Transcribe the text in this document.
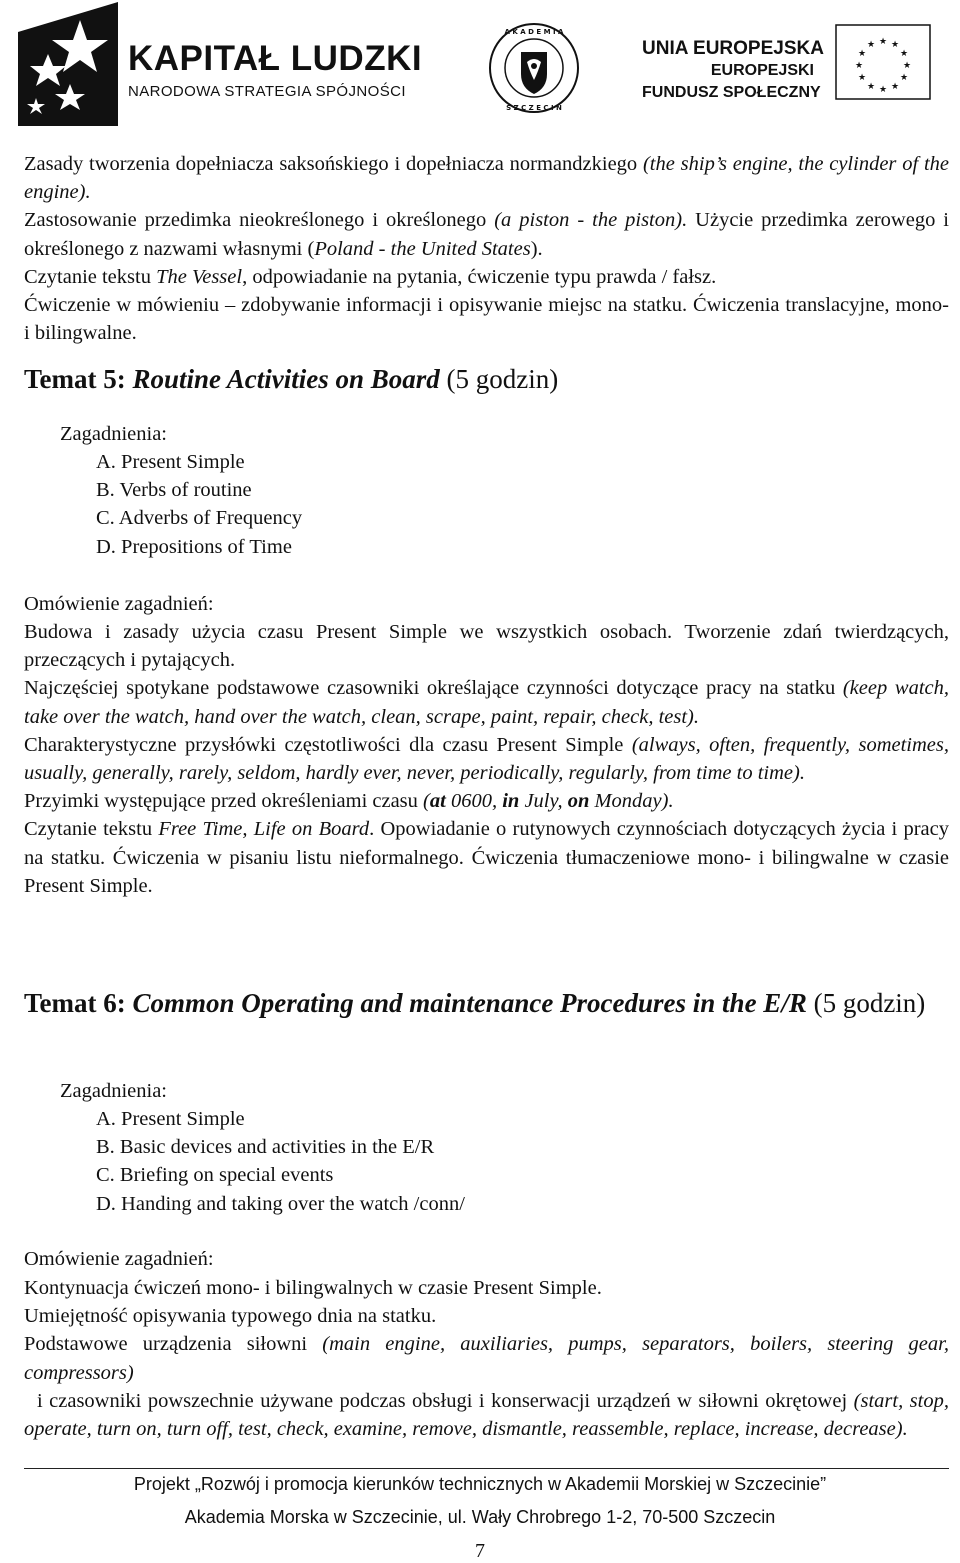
KAPITAŁ LUDZKI
NARODOWA STRATEGIA SPÓJNOŚCI
A K A D E M I A
S Z C Z E C I N
UNIA EUROPEJSKA
EUROPEJSKI
FUNDUSZ SPOŁECZNY
★ ★
★
★
★
★
★
★
★
★
★
★

Zasady tworzenia dopełniacza saksońskiego i dopełniacza normandzkiego (the ship’s engine, the cylinder of the engine).

Zastosowanie przedimka nieokreślonego i określonego (a piston - the piston). Użycie przedimka zerowego i określonego z nazwami własnymi (Poland - the United States).

Czytanie tekstu The Vessel, odpowiadanie na pytania, ćwiczenie typu prawda / fałsz.

Ćwiczenie w mówieniu – zdobywanie informacji i opisywanie miejsc na statku. Ćwiczenia translacyjne, mono- i bilingwalne.

Temat 5: Routine Activities on Board (5 godzin)

Zagadnienia:
A. Present Simple
B. Verbs of routine
C. Adverbs of Frequency
D. Prepositions of Time
Omówienie zagadnień:

Budowa i zasady użycia czasu Present Simple we wszystkich osobach. Tworzenie zdań twierdzących, przeczących i pytających.

Najczęściej spotykane podstawowe czasowniki określające czynności dotyczące pracy na statku (keep watch, take over the watch, hand over the watch, clean, scrape, paint, repair, check, test).

Charakterystyczne przysłówki częstotliwości dla czasu Present Simple (always, often, frequently, sometimes, usually, generally, rarely, seldom, hardly ever, never, periodically, regularly, from time to time).

Przyimki występujące przed określeniami czasu (at 0600, in July, on Monday).

Czytanie tekstu Free Time, Life on Board. Opowiadanie o rutynowych czynnościach dotyczących życia i pracy na statku. Ćwiczenia w pisaniu listu nieformalnego. Ćwiczenia tłumaczeniowe mono- i bilingwalne w czasie Present Simple.

Temat 6: Common Operating and maintenance Procedures in the E/R (5 godzin)

Zagadnienia:
A. Present Simple
B. Basic devices and activities in the E/R
C. Briefing on special events
D. Handing and taking over the watch /conn/
Omówienie zagadnień:

Kontynuacja ćwiczeń mono- i bilingwalnych w czasie Present Simple.

Umiejętność opisywania typowego dnia na statku.

Podstawowe urządzenia siłowni (main engine, auxiliaries, pumps, separators, boilers, steering gear, compressors)  i czasowniki powszechnie używane podczas obsługi i konserwacji urządzeń w siłowni okrętowej (start, stop, operate, turn on, turn off, test, check, examine, remove, dismantle, reassemble, replace, increase, decrease).

Projekt „Rozwój i promocja kierunków technicznych w Akademii Morskiej w Szczecinie”
Akademia Morska w Szczecinie, ul. Wały Chrobrego 1-2, 70-500 Szczecin
7
